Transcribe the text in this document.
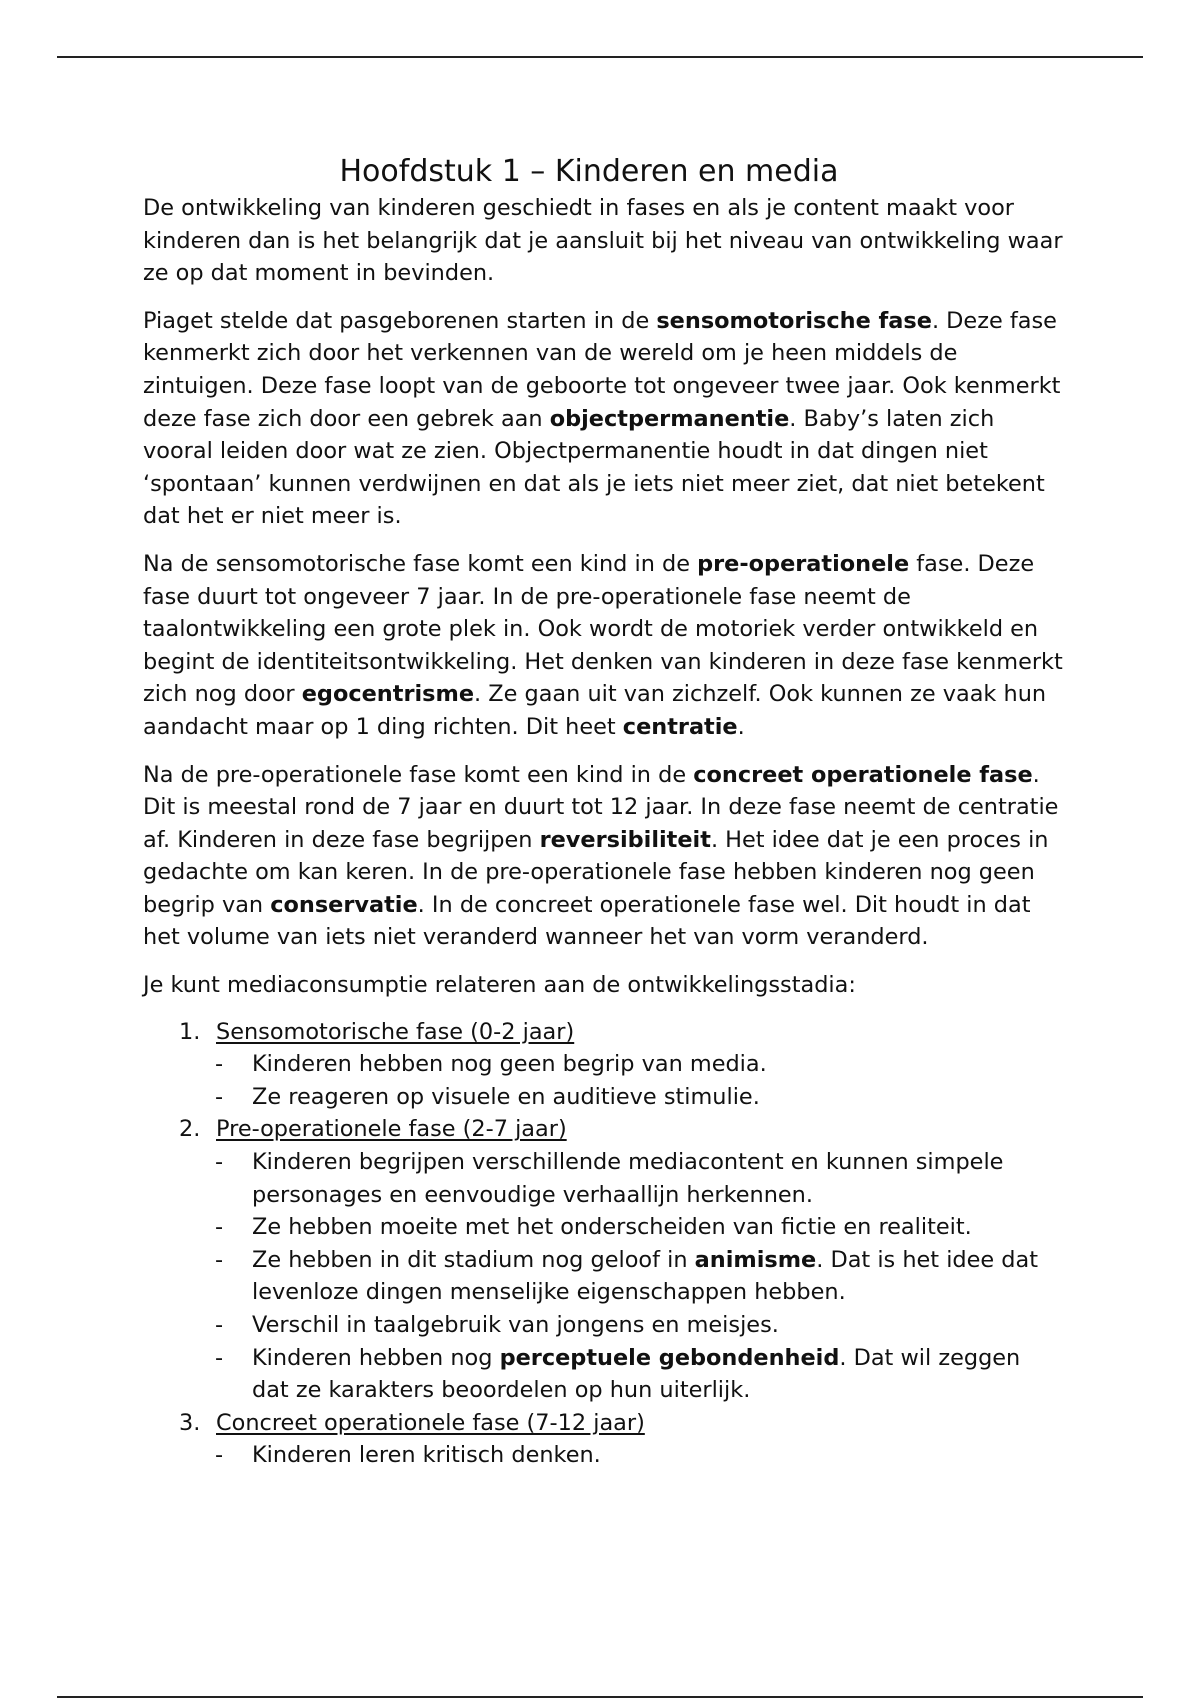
Hoofdstuk 1 – Kinderen en media

De ontwikkeling van kinderen geschiedt in fases en als je content maakt voor kinderen dan is het belangrijk dat je aansluit bij het niveau van ontwikkeling waar ze op dat moment in bevinden.

Piaget stelde dat pasgeborenen starten in de sensomotorische fase. Deze fase kenmerkt zich door het verkennen van de wereld om je heen middels de zintuigen. Deze fase loopt van de geboorte tot ongeveer twee jaar. Ook kenmerkt deze fase zich door een gebrek aan objectpermanentie. Baby’s laten zich vooral leiden door wat ze zien. Objectpermanentie houdt in dat dingen niet ‘spontaan’ kunnen verdwijnen en dat als je iets niet meer ziet, dat niet betekent dat het er niet meer is.

Na de sensomotorische fase komt een kind in de pre-operationele fase. Deze fase duurt tot ongeveer 7 jaar. In de pre-operationele fase neemt de taalontwikkeling een grote plek in. Ook wordt de motoriek verder ontwikkeld en begint de identiteitsontwikkeling. Het denken van kinderen in deze fase kenmerkt zich nog door egocentrisme. Ze gaan uit van zichzelf. Ook kunnen ze vaak hun aandacht maar op 1 ding richten. Dit heet centratie.

Na de pre-operationele fase komt een kind in de concreet operationele fase. Dit is meestal rond de 7 jaar en duurt tot 12 jaar. In deze fase neemt de centratie af. Kinderen in deze fase begrijpen reversibiliteit. Het idee dat je een proces in gedachte om kan keren. In de pre-operationele fase hebben kinderen nog geen begrip van conservatie. In de concreet operationele fase wel. Dit houdt in dat het volume van iets niet veranderd wanneer het van vorm veranderd.

Je kunt mediaconsumptie relateren aan de ontwikkelingsstadia:

1. Sensomotorische fase (0-2 jaar)
- Kinderen hebben nog geen begrip van media.
- Ze reageren op visuele en auditieve stimulie.
2. Pre-operationele fase (2-7 jaar)
- Kinderen begrijpen verschillende mediacontent en kunnen simpele personages en eenvoudige verhaallijn herkennen.
- Ze hebben moeite met het onderscheiden van fictie en realiteit.
- Ze hebben in dit stadium nog geloof in animisme. Dat is het idee dat levenloze dingen menselijke eigenschappen hebben.
- Verschil in taalgebruik van jongens en meisjes.
- Kinderen hebben nog perceptuele gebondenheid. Dat wil zeggen dat ze karakters beoordelen op hun uiterlijk.
3. Concreet operationele fase (7-12 jaar)
- Kinderen leren kritisch denken.
